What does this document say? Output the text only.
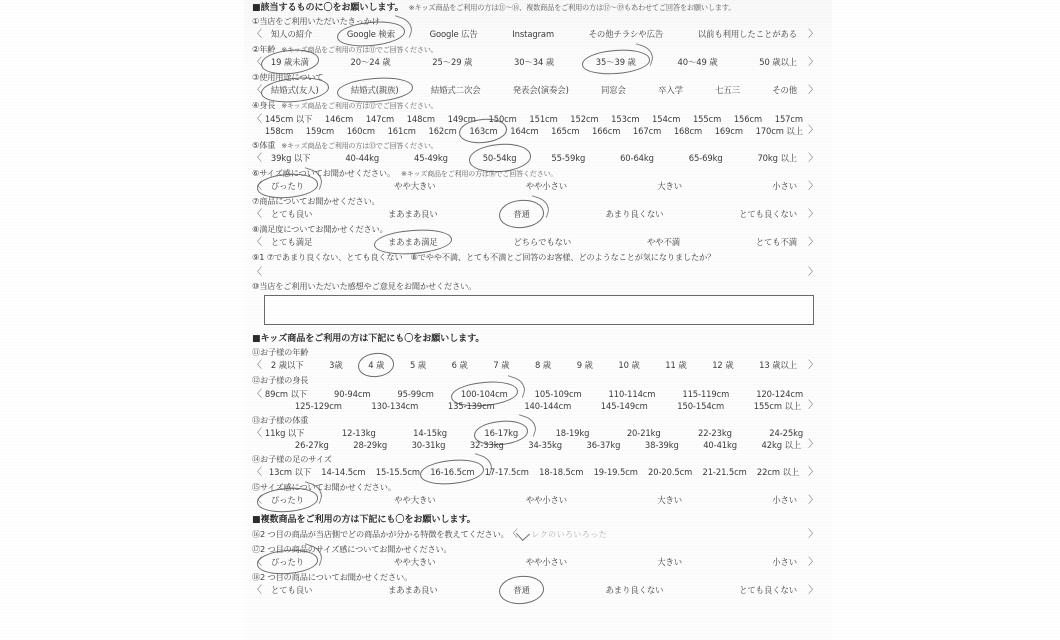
■該当するものに〇をお願いします。 ※キッズ商品をご利用の方は⑪〜⑯、複数商品をご利用の方は⑰〜⑲もあわせてご回答をお願いします。
①当店をご利用いただいたきっかけ
〈 知人の紹介	Google 検索	Google 広告	Instagram	その他チラシや広告	以前も利用したことがある	〉
②年齢 ※キッズ商品をご利用の方は⑪でご回答ください。
〈 19 歳未満	20〜24 歳	25〜29 歳	30〜34 歳	35〜39 歳	40〜49 歳	50 歳以上	〉
③使用用途について
〈 結婚式(友人)	結婚式(親族)	結婚式二次会	発表会(演奏会)	同窓会	卒入学	七五三	その他	〉
④身長 ※キッズ商品をご利用の方は⑫でご回答ください。
〈 145cm 以下 146cm 147cm 148cm 149cm 150cm 151cm 152cm 153cm 154cm 155cm 156cm 157cm
158cm 159cm 160cm 161cm 162cm 163cm 164cm 165cm 166cm 167cm 168cm 169cm 170cm 以上 〉
⑤体重 ※キッズ商品をご利用の方は⑬でご回答ください。
〈 39kg 以下	40-44kg	45-49kg	50-54kg	55-59kg	60-64kg	65-69kg	70kg 以上	〉
⑥サイズ感についてお聞かせください。 ※キッズ商品をご利用の方は⑯でご回答ください。
〈 ぴったり	やや大きい	やや小さい	大きい	小さい	〉
⑦商品についてお聞かせください。
〈 とても良い	まあまあ良い	普通	あまり良くない	とても良くない	〉
⑧満足度についてお聞かせください。
〈 とても満足	まあまあ満足	どちらでもない	やや不満	とても不満	〉
⑨1 ⑦であまり良くない、とても良くない　⑧でやや不満、とても不満とご回答のお客様、どのようなことが気になりましたか？
〈	〉
⑩当店をご利用いただいた感想やご意見をお聞かせください。
■キッズ商品をご利用の方は下記にも〇をお願いします。
⑪お子様の年齢
〈 2 歳以下	3歳	4 歳	5 歳	6 歳	7 歳	8 歳	9 歳	10 歳	11 歳	12 歳	13 歳以上	〉
⑫お子様の身長
〈 89cm 以下	90-94cm	95-99cm	100-104cm	105-109cm	110-114cm	115-119cm	120-124cm
125-129cm	130-134cm	135-139cm	140-144cm	145-149cm	150-154cm	155cm 以上 〉
⑬お子様の体重
〈 11kg 以下	12-13kg	14-15kg	16-17kg	18-19kg	20-21kg	22-23kg	24-25kg
26-27kg	28-29kg	30-31kg	32-33kg	34-35kg	36-37kg	38-39kg	40-41kg	42kg 以上 〉
⑭お子様の足のサイズ
〈 13cm 以下 14-14.5cm 15-15.5cm 16-16.5cm 17-17.5cm 18-18.5cm 19-19.5cm 20-20.5cm 21-21.5cm 22cm 以上 〉
⑮サイズ感についてお聞かせください。
〈 ぴったり	やや大きい	やや小さい	大きい	小さい	〉
■複数商品をご利用の方は下記にも〇をお願いします。
⑯2 つ目の商品が当店側でどの商品かが分かる特徴を教えてください。 〈 レクのいろいろった	〉
⑰2 つ目の商品のサイズ感についてお聞かせください。
〈 ぴったり	やや大きい	やや小さい	大きい	小さい	〉
⑱2 つ目の商品についてお聞かせください。
〈 とても良い	まあまあ良い	普通	あまり良くない	とても良くない	〉
